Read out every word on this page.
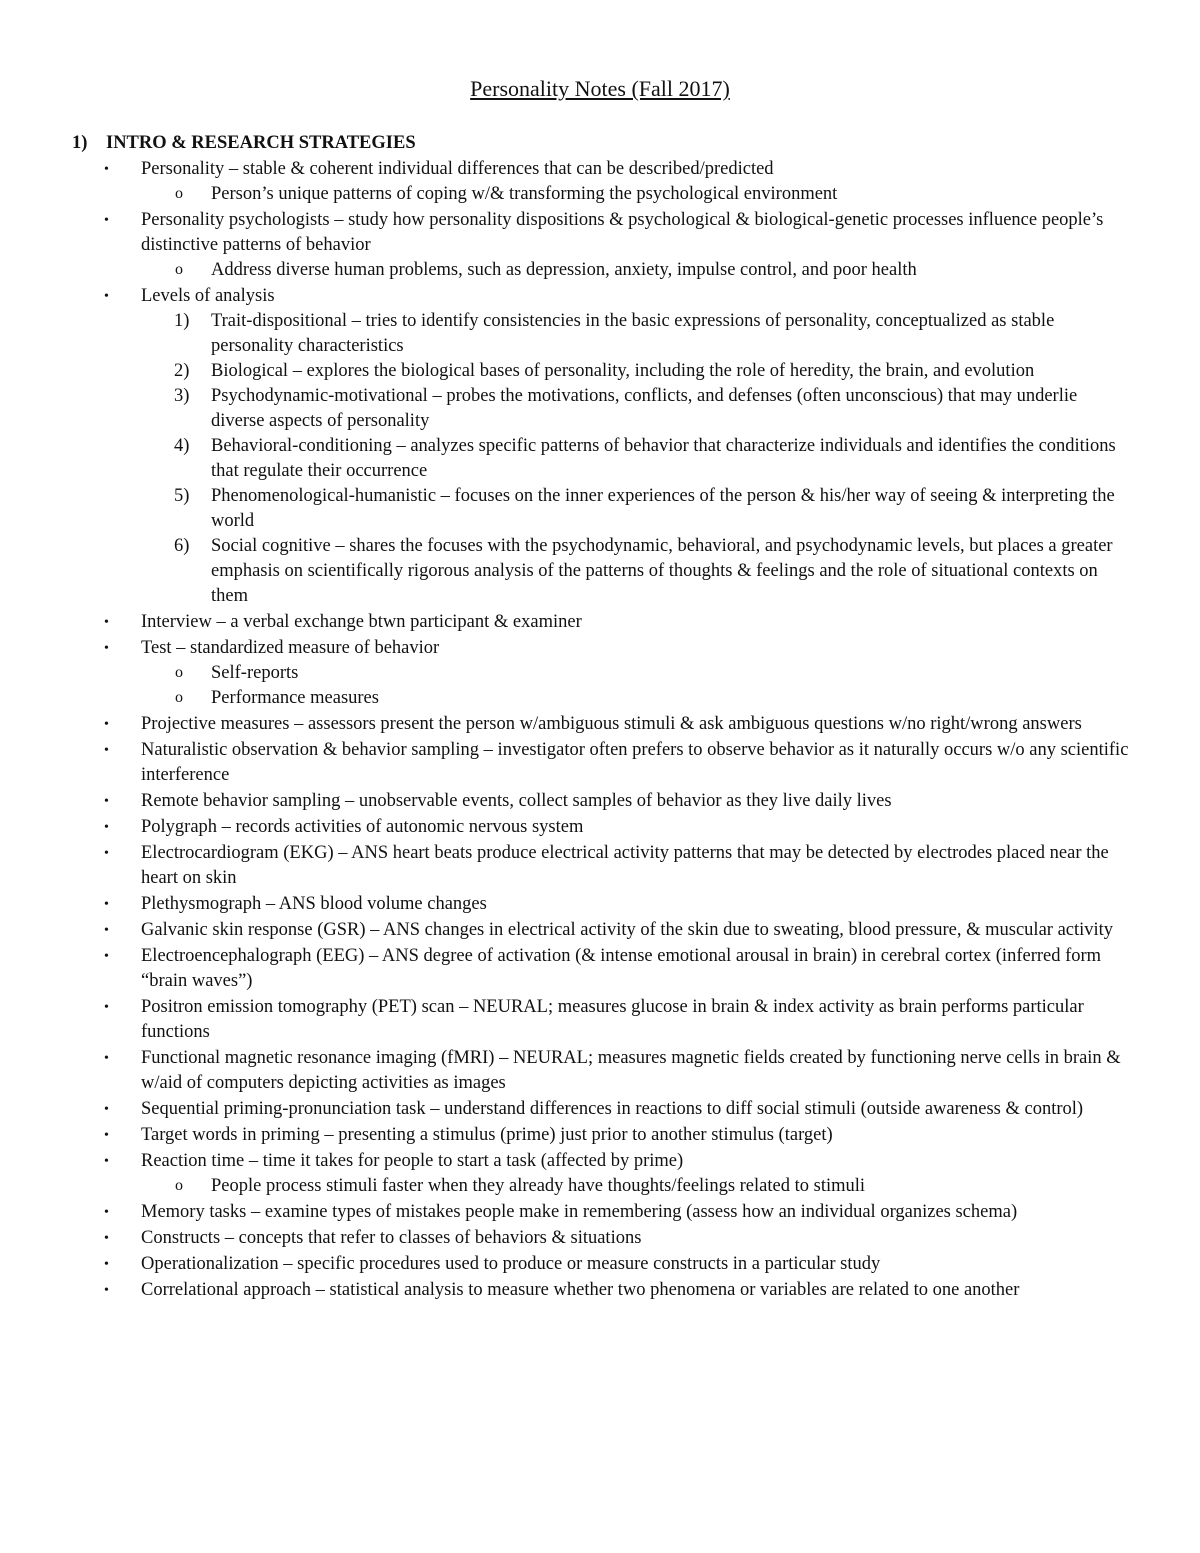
Personality Notes (Fall 2017)
1) INTRO & RESEARCH STRATEGIES
• Personality – stable & coherent individual differences that can be described/predicted
o Person’s unique patterns of coping w/& transforming the psychological environment
• Personality psychologists – study how personality dispositions & psychological & biological-genetic processes influence people’s distinctive patterns of behavior
o Address diverse human problems, such as depression, anxiety, impulse control, and poor health
• Levels of analysis
1) Trait-dispositional – tries to identify consistencies in the basic expressions of personality, conceptualized as stable personality characteristics
2) Biological – explores the biological bases of personality, including the role of heredity, the brain, and evolution
3) Psychodynamic-motivational – probes the motivations, conflicts, and defenses (often unconscious) that may underlie diverse aspects of personality
4) Behavioral-conditioning – analyzes specific patterns of behavior that characterize individuals and identifies the conditions that regulate their occurrence
5) Phenomenological-humanistic – focuses on the inner experiences of the person & his/her way of seeing & interpreting the world
6) Social cognitive – shares the focuses with the psychodynamic, behavioral, and psychodynamic levels, but places a greater emphasis on scientifically rigorous analysis of the patterns of thoughts & feelings and the role of situational contexts on them
• Interview – a verbal exchange btwn participant & examiner
• Test – standardized measure of behavior
o Self-reports
o Performance measures
• Projective measures – assessors present the person w/ambiguous stimuli & ask ambiguous questions w/no right/wrong answers
• Naturalistic observation & behavior sampling – investigator often prefers to observe behavior as it naturally occurs w/o any scientific interference
• Remote behavior sampling – unobservable events, collect samples of behavior as they live daily lives
• Polygraph – records activities of autonomic nervous system
• Electrocardiogram (EKG) – ANS heart beats produce electrical activity patterns that may be detected by electrodes placed near the heart on skin
• Plethysmograph – ANS blood volume changes
• Galvanic skin response (GSR) – ANS changes in electrical activity of the skin due to sweating, blood pressure, & muscular activity
• Electroencephalograph (EEG) – ANS degree of activation (& intense emotional arousal in brain) in cerebral cortex (inferred form “brain waves”)
• Positron emission tomography (PET) scan – NEURAL; measures glucose in brain & index activity as brain performs particular functions
• Functional magnetic resonance imaging (fMRI) – NEURAL; measures magnetic fields created by functioning nerve cells in brain & w/aid of computers depicting activities as images
• Sequential priming-pronunciation task – understand differences in reactions to diff social stimuli (outside awareness & control)
• Target words in priming – presenting a stimulus (prime) just prior to another stimulus (target)
• Reaction time – time it takes for people to start a task (affected by prime)
o People process stimuli faster when they already have thoughts/feelings related to stimuli
• Memory tasks – examine types of mistakes people make in remembering (assess how an individual organizes schema)
• Constructs – concepts that refer to classes of behaviors & situations
• Operationalization – specific procedures used to produce or measure constructs in a particular study
• Correlational approach – statistical analysis to measure whether two phenomena or variables are related to one another
